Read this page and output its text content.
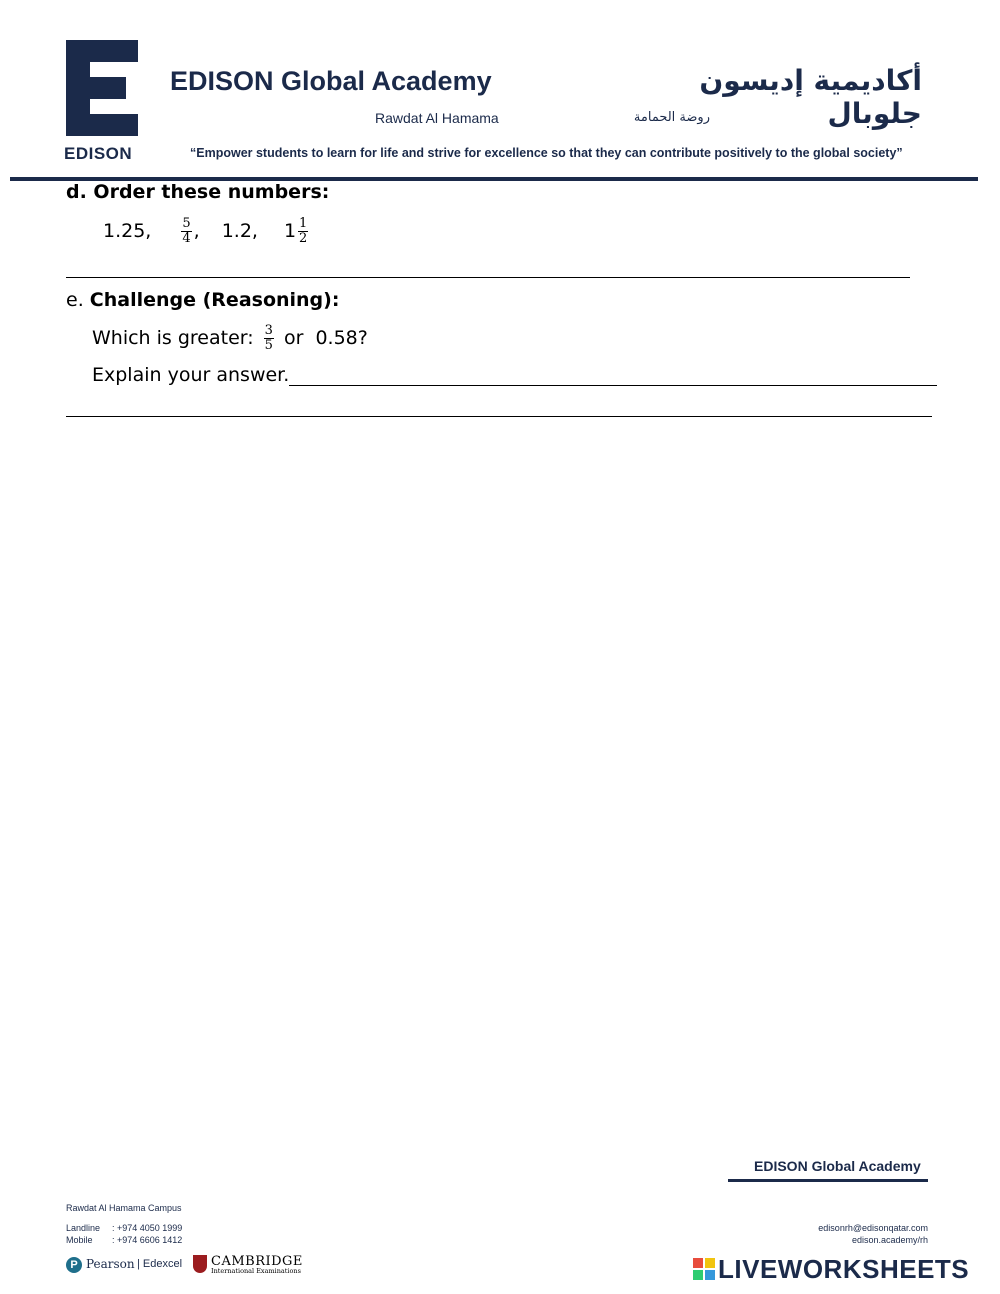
EDISON
EDISON Global Academy
Rawdat Al Hamama
أكاديمية إديسون جلوبال
روضة الحمامة
“Empower students to learn for life and strive for excellence so that they can contribute positively to the global society”
d. Order these numbers:
1.25, $\frac{5}{4}$ , 1.2, $1 \frac{1}{2}$
e. Challenge (Reasoning):
Which is greater: $\frac{3}{5}$ or  0.58?
Explain your answer.
EDISON Global Academy
Rawdat Al Hamama Campus
Landline : +974 4050 1999
Mobile : +974 6606 1412
edisonrh@edisonqatar.com
edison.academy/rh
P Pearson | Edexcel CAMBRIDGE
International Examinations	LIVEWORKSHEETS
